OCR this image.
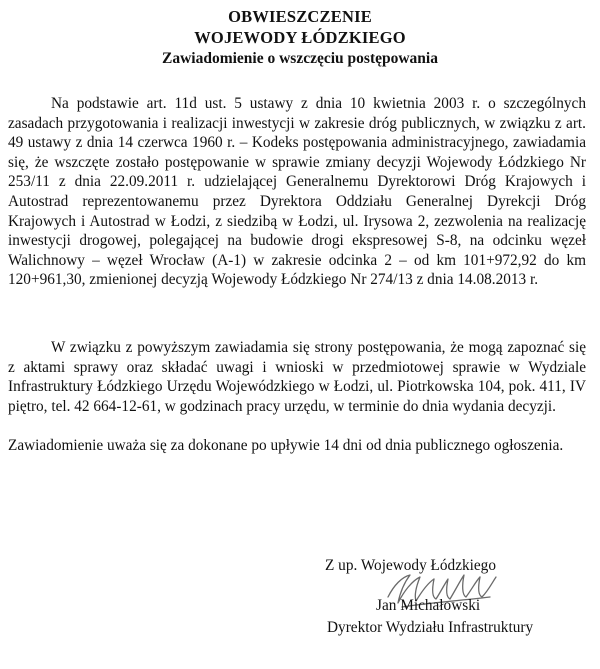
OBWIESZCZENIE
WOJEWODY ŁÓDZKIEGO
Zawiadomienie o wszczęciu postępowania
Na podstawie art. 11d ust. 5 ustawy z dnia 10 kwietnia 2003 r. o szczególnych zasadach przygotowania i realizacji inwestycji w zakresie dróg publicznych, w związku z art. 49 ustawy z dnia 14 czerwca 1960 r. – Kodeks postępowania administracyjnego, zawiadamia się, że wszczęte zostało postępowanie w sprawie zmiany decyzji Wojewody Łódzkiego Nr 253/11 z dnia 22.09.2011 r. udzielającej Generalnemu Dyrektorowi Dróg Krajowych i Autostrad reprezentowanemu przez Dyrektora Oddziału Generalnej Dyrekcji Dróg Krajowych i Autostrad w Łodzi, z siedzibą w Łodzi, ul. Irysowa 2, zezwolenia na realizację inwestycji drogowej, polegającej na budowie drogi ekspresowej S-8, na odcinku węzeł Walichnowy – węzeł Wrocław (A-1) w zakresie odcinka 2 – od km 101+972,92 do km 120+961,30, zmienionej decyzją Wojewody Łódzkiego Nr 274/13 z dnia 14.08.2013 r.
W związku z powyższym zawiadamia się strony postępowania, że mogą zapoznać się z aktami sprawy oraz składać uwagi i wnioski w przedmiotowej sprawie w Wydziale Infrastruktury Łódzkiego Urzędu Wojewódzkiego w Łodzi, ul. Piotrkowska 104, pok. 411, IV piętro, tel. 42 664-12-61, w godzinach pracy urzędu, w terminie do dnia wydania decyzji.
Zawiadomienie uważa się za dokonane po upływie 14 dni od dnia publicznego ogłoszenia.
Z up. Wojewody Łódzkiego
Jan Michałowski
Dyrektor Wydziału Infrastruktury
